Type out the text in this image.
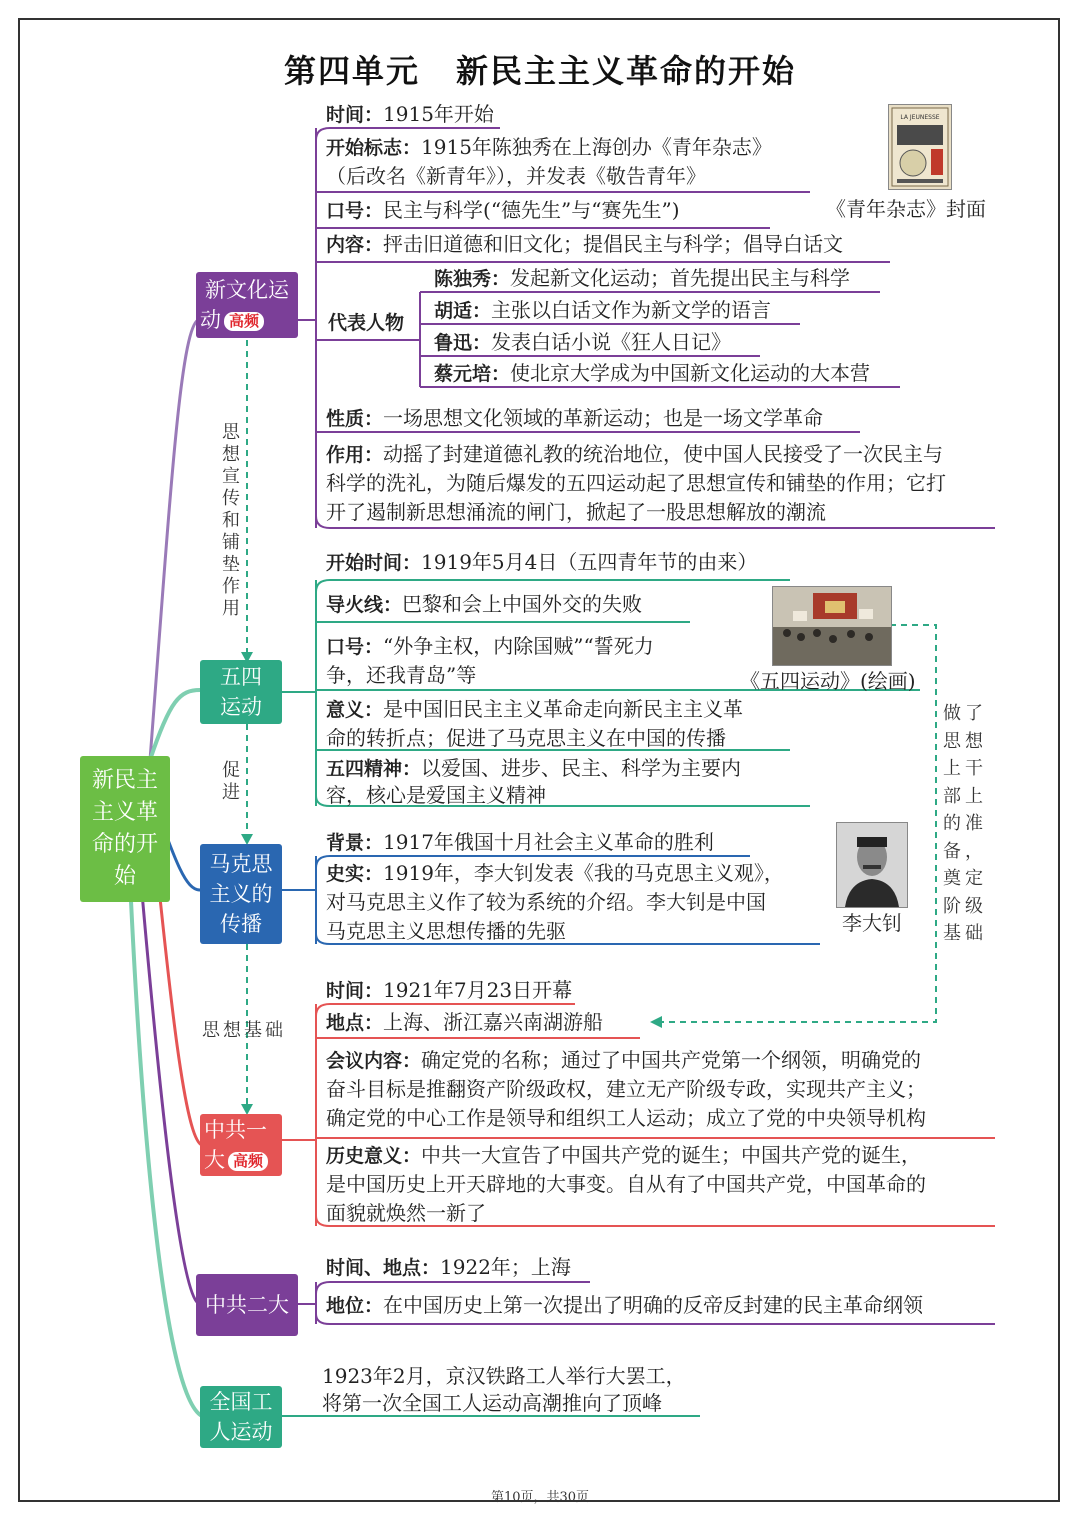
第四单元 新民主主义革命的开始
新民主主义革命的开始
新文化运
动 高频
五四
运动
马克思
主义的
传播
中共一
大 高频
中共二大
全国工
人运动
思想宣传和铺垫作用
促进
思想基础
做了思想上干部上的准备，奠定阶级基础
时间：1915年开始
开始标志：1915年陈独秀在上海创办《青年杂志》
（后改名《新青年》），并发表《敬告青年》
口号：民主与科学(“德先生”与“赛先生”)
内容：抨击旧道德和旧文化；提倡民主与科学；倡导白话文
代表人物
陈独秀：发起新文化运动；首先提出民主与科学
胡适：主张以白话文作为新文学的语言
鲁迅：发表白话小说《狂人日记》
蔡元培：使北京大学成为中国新文化运动的大本营
性质：一场思想文化领域的革新运动；也是一场文学革命
作用：动摇了封建道德礼教的统治地位，使中国人民接受了一次民主与
科学的洗礼，为随后爆发的五四运动起了思想宣传和铺垫的作用；它打
开了遏制新思想涌流的闸门，掀起了一股思想解放的潮流
LA JEUNESSE
《青年杂志》封面
开始时间：1919年5月4日（五四青年节的由来）
导火线：巴黎和会上中国外交的失败
口号：“外争主权，内除国贼”“誓死力
争，还我青岛”等
意义：是中国旧民主主义革命走向新民主主义革
命的转折点；促进了马克思主义在中国的传播
五四精神：以爱国、进步、民主、科学为主要内
容，核心是爱国主义精神
《五四运动》(绘画)
背景：1917年俄国十月社会主义革命的胜利
史实：1919年，李大钊发表《我的马克思主义观》，
对马克思主义作了较为系统的介绍。李大钊是中国
马克思主义思想传播的先驱	李大钊
时间：1921年7月23日开幕
地点：上海、浙江嘉兴南湖游船
会议内容：确定党的名称；通过了中国共产党第一个纲领，明确党的
奋斗目标是推翻资产阶级政权，建立无产阶级专政，实现共产主义；
确定党的中心工作是领导和组织工人运动；成立了党的中央领导机构
历史意义：中共一大宣告了中国共产党的诞生；中国共产党的诞生，
是中国历史上开天辟地的大事变。自从有了中国共产党，中国革命的
面貌就焕然一新了
时间、地点：1922年；上海
地位：在中国历史上第一次提出了明确的反帝反封建的民主革命纲领
1923年2月，京汉铁路工人举行大罢工，
将第一次全国工人运动高潮推向了顶峰
第10页，共30页
